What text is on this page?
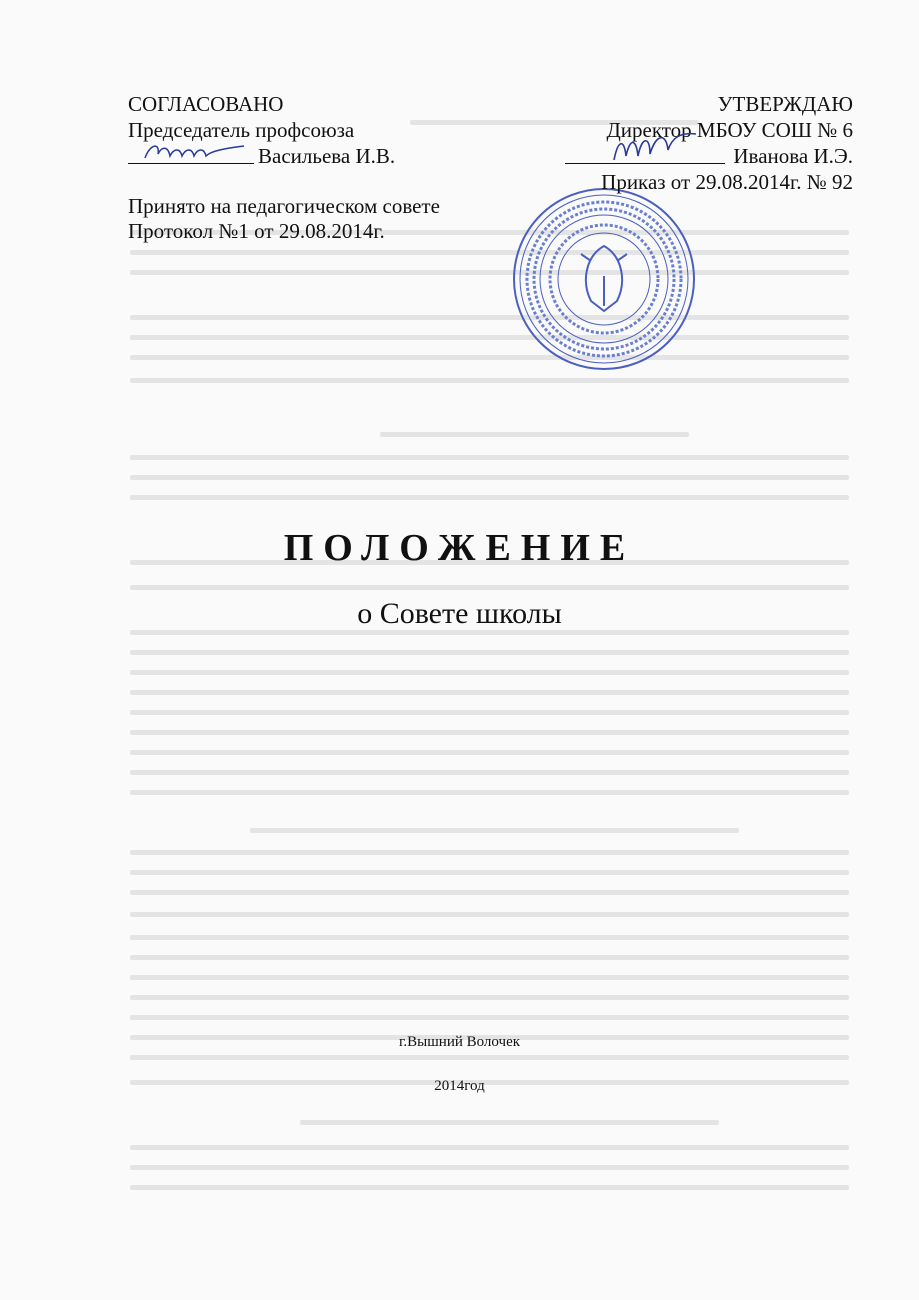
СОГЛАСОВАНО
Председатель профсоюза
Васильева И.В.
Принято на педагогическом совете
Протокол №1 от 29.08.2014г.
УТВЕРЖДАЮ
Директор МБОУ СОШ № 6
Иванова И.Э.
Приказ от 29.08.2014г. № 92
ПОЛОЖЕНИЕ
о Совете школы
г.Вышний Волочек
2014год
